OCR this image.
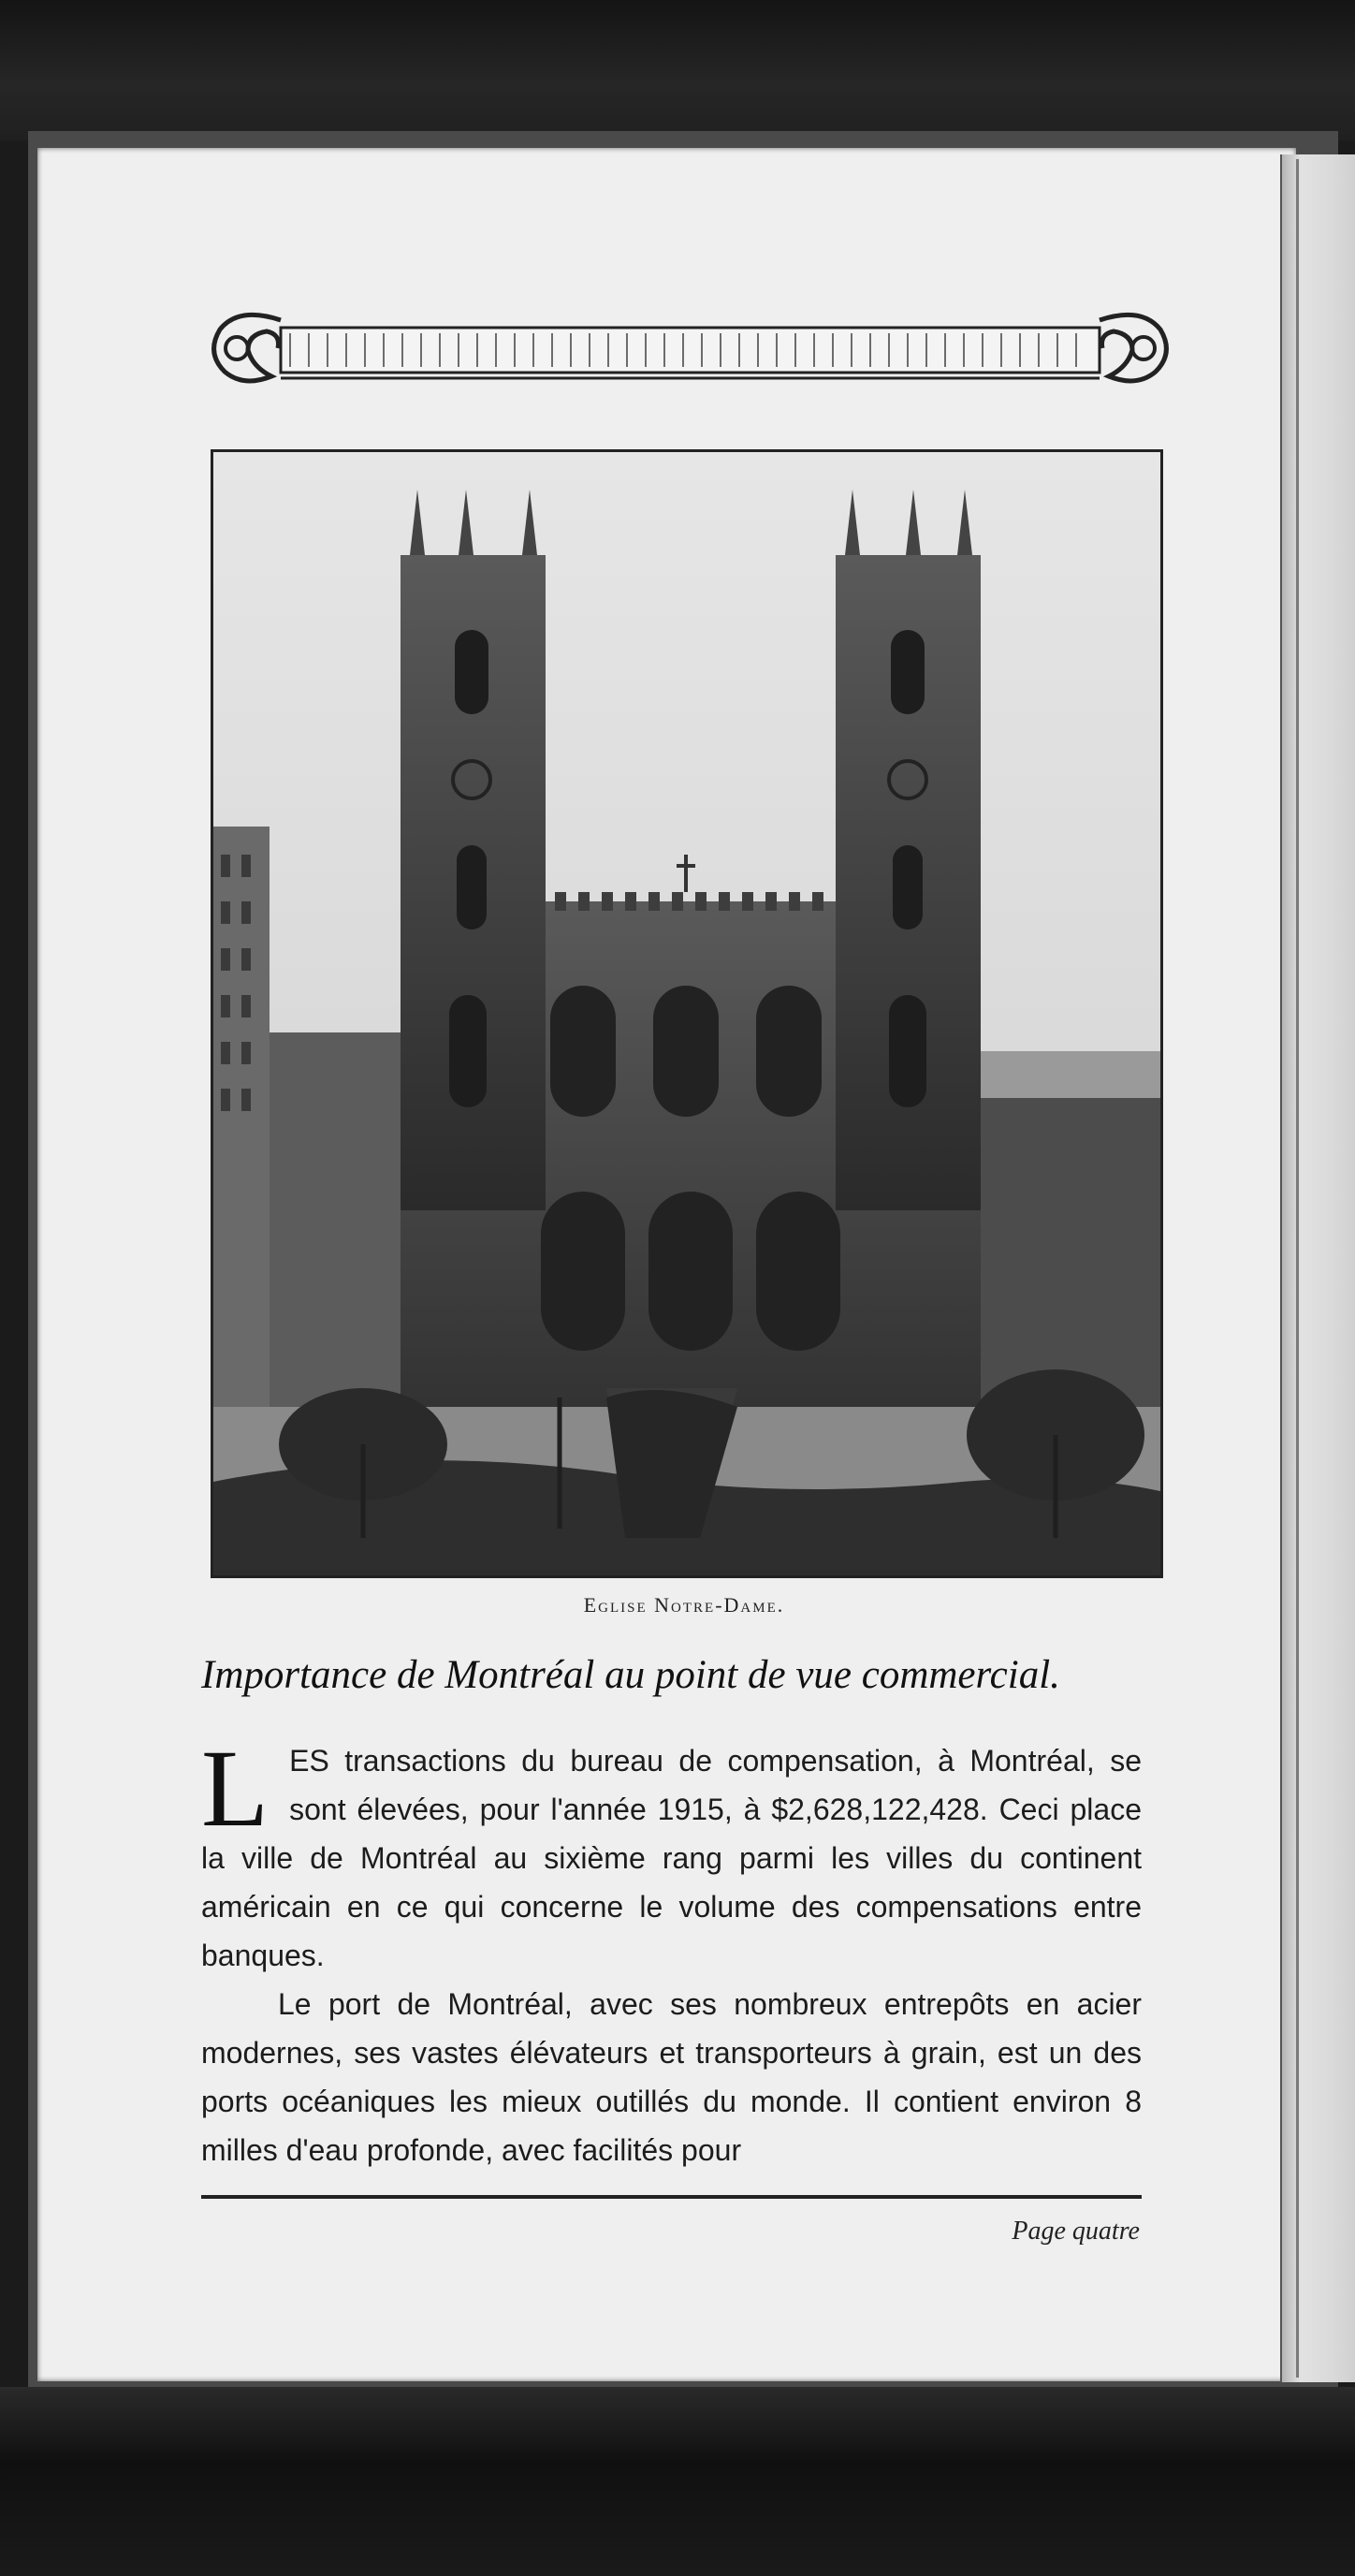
Eglise Notre-Dame.
Importance de Montréal au point de vue commercial.

LES transactions du bureau de compensation, à Montréal, se sont élevées, pour l'année 1915, à $2,628,122,428. Ceci place la ville de Montréal au sixième rang parmi les villes du continent américain en ce qui concerne le volume des compensations entre banques.

Le port de Montréal, avec ses nombreux entrepôts en acier modernes, ses vastes élévateurs et transporteurs à grain, est un des ports océaniques les mieux outillés du monde. Il contient environ 8 milles d'eau profonde, avec facilités pour

Page quatre
